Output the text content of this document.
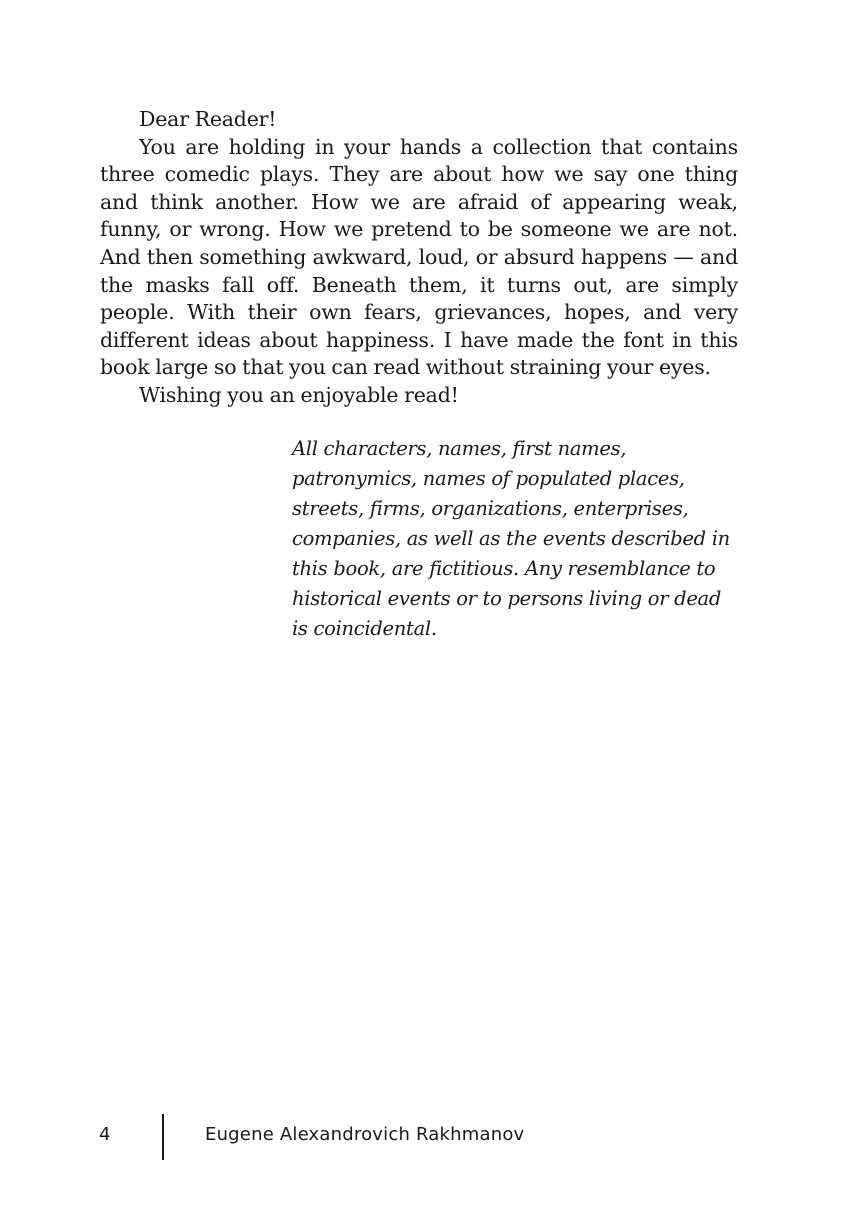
Dear Reader!

You are holding in your hands a collection that contains three comedic plays. They are about how we say one thing and think another. How we are afraid of appearing weak, funny, or wrong. How we pretend to be someone we are not. And then something awkward, loud, or absurd happens — and the masks fall off. Beneath them, it turns out, are simply people. With their own fears, grievances, hopes, and very different ideas about happiness. I have made the font in this book large so that you can read without straining your eyes.

Wishing you an enjoyable read!

All characters, names, first names, patronymics, names of populated places, streets, firms, organizations, enterprises, companies, as well as the events described in this book, are fictitious. Any resemblance to historical events or to persons living or dead is coincidental.

4	Eugene Alexandrovich Rakhmanov
